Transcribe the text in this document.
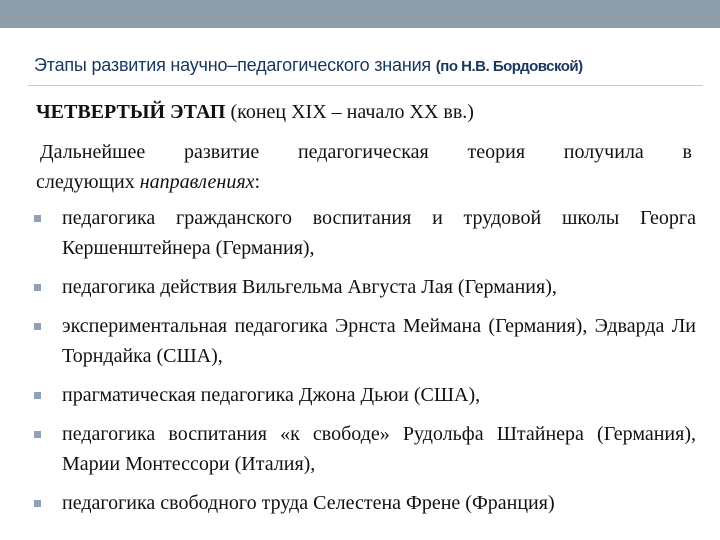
Этапы развития научно–педагогического знания (по Н.В. Бордовской)
ЧЕТВЕРТЫЙ ЭТАП (конец XIX – начало XX вв.)
Дальнейшее развитие педагогическая теория получила в
следующих направлениях:
педагогика гражданского воспитания и трудовой школы Георга Кершенштейнера (Германия),
педагогика действия Вильгельма Августа Лая (Германия),
экспериментальная педагогика Эрнста Меймана (Германия), Эдварда Ли Торндайка (США),
прагматическая педагогика Джона Дьюи (США),
педагогика воспитания «к свободе» Рудольфа Штайнера (Германия), Марии Монтессори (Италия),
педагогика свободного труда Селестена Френе (Франция)
